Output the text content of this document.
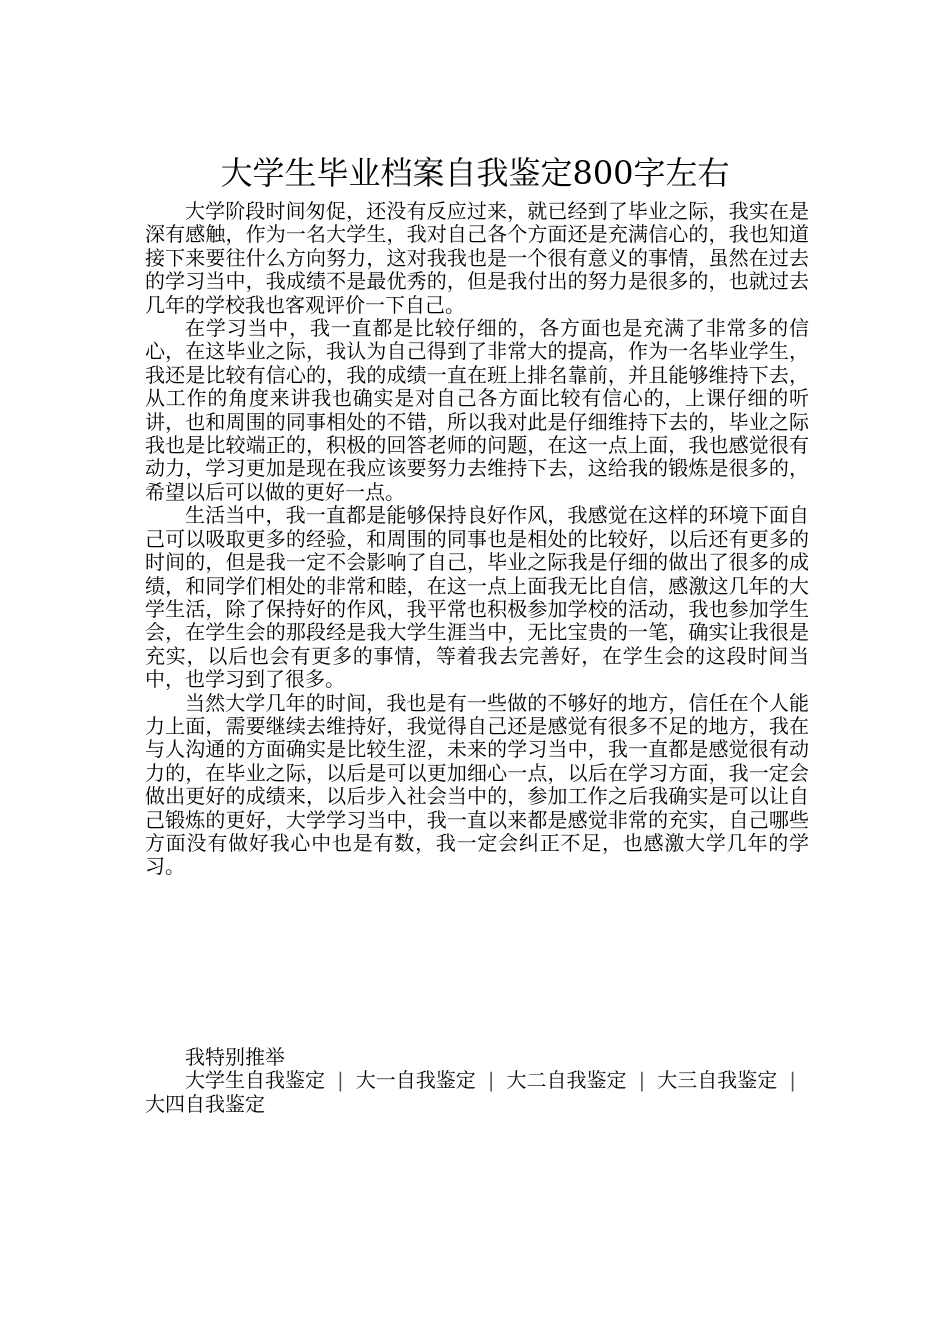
大学生毕业档案自我鉴定800字左右

大学阶段时间匆促，还没有反应过来，就已经到了毕业之际，我实在是深有感触，作为一名大学生，我对自己各个方面还是充满信心的，我也知道接下来要往什么方向努力，这对我我也是一个很有意义的事情，虽然在过去的学习当中，我成绩不是最优秀的，但是我付出的努力是很多的，也就过去几年的学校我也客观评价一下自己。

在学习当中，我一直都是比较仔细的，各方面也是充满了非常多的信心，在这毕业之际，我认为自己得到了非常大的提高，作为一名毕业学生，我还是比较有信心的，我的成绩一直在班上排名靠前，并且能够维持下去，从工作的角度来讲我也确实是对自己各方面比较有信心的，上课仔细的听讲，也和周围的同事相处的不错，所以我对此是仔细维持下去的，毕业之际我也是比较端正的，积极的回答老师的问题，在这一点上面，我也感觉很有动力，学习更加是现在我应该要努力去维持下去，这给我的锻炼是很多的，希望以后可以做的更好一点。

生活当中，我一直都是能够保持良好作风，我感觉在这样的环境下面自己可以吸取更多的经验，和周围的同事也是相处的比较好，以后还有更多的时间的，但是我一定不会影响了自己，毕业之际我是仔细的做出了很多的成绩，和同学们相处的非常和睦，在这一点上面我无比自信，感激这几年的大学生活，除了保持好的作风，我平常也积极参加学校的活动，我也参加学生会，在学生会的那段经是我大学生涯当中，无比宝贵的一笔，确实让我很是充实，以后也会有更多的事情，等着我去完善好，在学生会的这段时间当中，也学习到了很多。

当然大学几年的时间，我也是有一些做的不够好的地方，信任在个人能力上面，需要继续去维持好，我觉得自己还是感觉有很多不足的地方，我在与人沟通的方面确实是比较生涩，未来的学习当中，我一直都是感觉很有动力的，在毕业之际，以后是可以更加细心一点，以后在学习方面，我一定会做出更好的成绩来，以后步入社会当中的，参加工作之后我确实是可以让自己锻炼的更好，大学学习当中，我一直以来都是感觉非常的充实，自己哪些方面没有做好我心中也是有数，我一定会纠正不足，也感激大学几年的学习。

我特别推举

大学生自我鉴定 | 大一自我鉴定 | 大二自我鉴定 | 大三自我鉴定 |大四自我鉴定
